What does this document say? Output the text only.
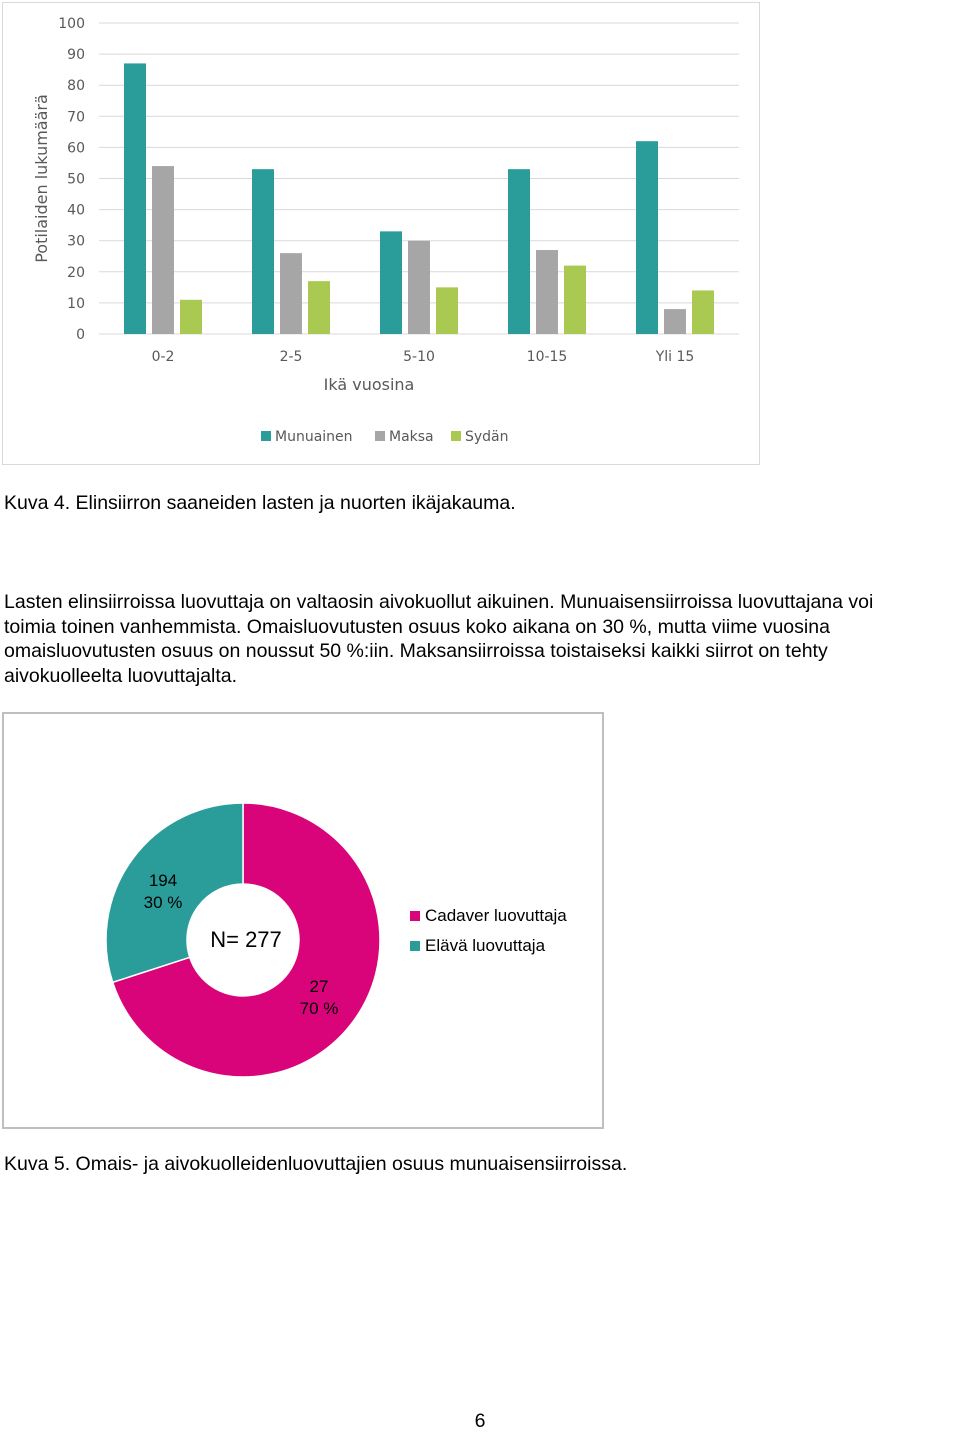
0
10
20
30
40
50
60
70
80
90
100
Potilaiden lukumäärä
0-2	2-5	5-10	10-15	Yli 15
Ikä vuosina
Munuainen	Maksa Sydän
Kuva 4. Elinsiirron saaneiden lasten ja nuorten ikäjakauma.

Lasten elinsiirroissa luovuttaja on valtaosin aivokuollut aikuinen. Munuaisensiirroissa luovuttajana voi

toimia toinen vanhemmista. Omaisluovutusten osuus koko aikana on 30 %, mutta viime vuosina

omaisluovutusten osuus on noussut 50 %:iin. Maksansiirroissa toistaiseksi kaikki siirrot on tehty

aivokuolleelta luovuttajalta.

N= 277
194
30 %
27
70 %
Cadaver luovuttaja
Elävä luovuttaja
Kuva 5. Omais- ja aivokuolleidenluovuttajien osuus munuaisensiirroissa.
6
